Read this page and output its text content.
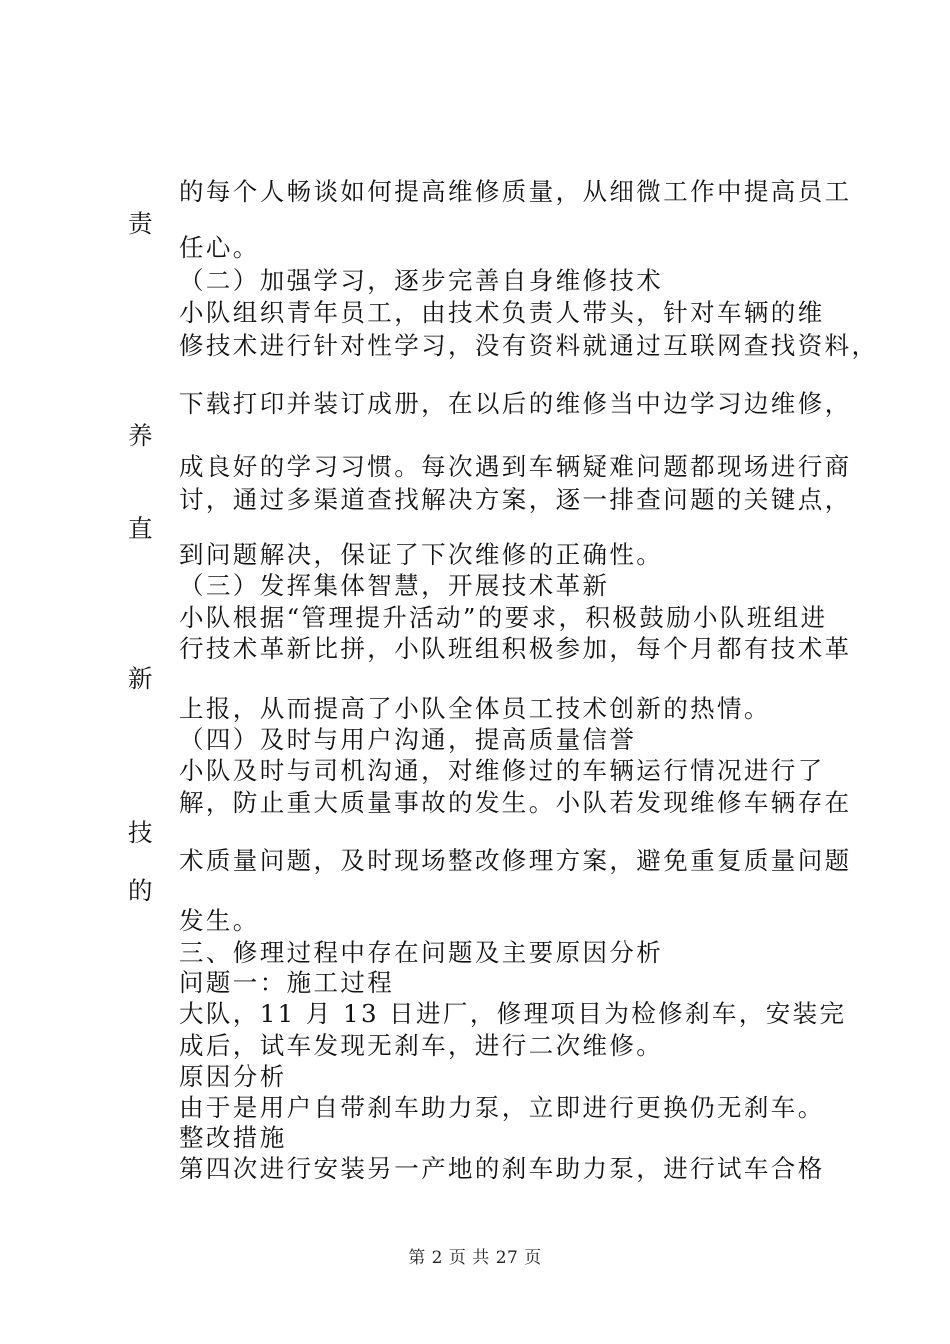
的每个人畅谈如何提高维修质量，从细微工作中提高员工
责
任心。
（二）加强学习，逐步完善自身维修技术
小队组织青年员工，由技术负责人带头，针对车辆的维
修技术进行针对性学习，没有资料就通过互联网查找资料，
下载打印并装订成册，在以后的维修当中边学习边维修，
养
成良好的学习习惯。每次遇到车辆疑难问题都现场进行商
讨，通过多渠道查找解决方案，逐一排查问题的关键点，
直
到问题解决，保证了下次维修的正确性。
（三）发挥集体智慧，开展技术革新
小队根据“管理提升活动”的要求，积极鼓励小队班组进
行技术革新比拼，小队班组积极参加，每个月都有技术革
新
上报，从而提高了小队全体员工技术创新的热情。
（四）及时与用户沟通，提高质量信誉
小队及时与司机沟通，对维修过的车辆运行情况进行了
解，防止重大质量事故的发生。小队若发现维修车辆存在
技
术质量问题，及时现场整改修理方案，避免重复质量问题
的
发生。
三、修理过程中存在问题及主要原因分析
问题一：施工过程
大队，11 月 13 日进厂，修理项目为检修刹车，安装完
成后，试车发现无刹车，进行二次维修。
原因分析
由于是用户自带刹车助力泵，立即进行更换仍无刹车。
整改措施
第四次进行安装另一产地的刹车助力泵，进行试车合格
第 2 页 共 27 页
